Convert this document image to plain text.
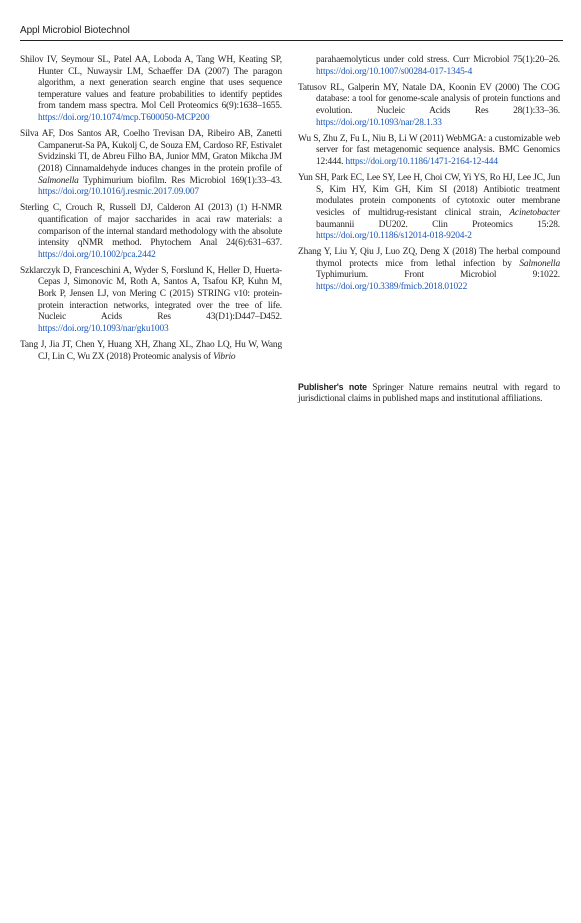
Appl Microbiol Biotechnol

Shilov IV, Seymour SL, Patel AA, Loboda A, Tang WH, Keating SP, Hunter CL, Nuwaysir LM, Schaeffer DA (2007) The paragon algorithm, a next generation search engine that uses sequence temperature values and feature probabilities to identify peptides from tandem mass spectra. Mol Cell Proteomics 6(9):1638–1655. https://doi.org/10.1074/mcp.T600050-MCP200

Silva AF, Dos Santos AR, Coelho Trevisan DA, Ribeiro AB, Zanetti Campanerut-Sa PA, Kukolj C, de Souza EM, Cardoso RF, Estivalet Svidzinski TI, de Abreu Filho BA, Junior MM, Graton Mikcha JM (2018) Cinnamaldehyde induces changes in the protein profile of Salmonella Typhimurium biofilm. Res Microbiol 169(1):33–43. https://doi.org/10.1016/j.resmic.2017.09.007

Sterling C, Crouch R, Russell DJ, Calderon AI (2013) (1) H-NMR quantification of major saccharides in acai raw materials: a comparison of the internal standard methodology with the absolute intensity qNMR method. Phytochem Anal 24(6):631–637. https://doi.org/10.1002/pca.2442

Szklarczyk D, Franceschini A, Wyder S, Forslund K, Heller D, Huerta-Cepas J, Simonovic M, Roth A, Santos A, Tsafou KP, Kuhn M, Bork P, Jensen LJ, von Mering C (2015) STRING v10: protein-protein interaction networks, integrated over the tree of life. Nucleic Acids Res 43(D1):D447–D452. https://doi.org/10.1093/nar/gku1003

Tang J, Jia JT, Chen Y, Huang XH, Zhang XL, Zhao LQ, Hu W, Wang CJ, Lin C, Wu ZX (2018) Proteomic analysis of Vibrio

parahaemolyticus under cold stress. Curr Microbiol 75(1):20–26. https://doi.org/10.1007/s00284-017-1345-4

Tatusov RL, Galperin MY, Natale DA, Koonin EV (2000) The COG database: a tool for genome-scale analysis of protein functions and evolution. Nucleic Acids Res 28(1):33–36. https://doi.org/10.1093/nar/28.1.33

Wu S, Zhu Z, Fu L, Niu B, Li W (2011) WebMGA: a customizable web server for fast metagenomic sequence analysis. BMC Genomics 12:444. https://doi.org/10.1186/1471-2164-12-444

Yun SH, Park EC, Lee SY, Lee H, Choi CW, Yi YS, Ro HJ, Lee JC, Jun S, Kim HY, Kim GH, Kim SI (2018) Antibiotic treatment modulates protein components of cytotoxic outer membrane vesicles of multidrug-resistant clinical strain, Acinetobacter baumannii DU202. Clin Proteomics 15:28. https://doi.org/10.1186/s12014-018-9204-2

Zhang Y, Liu Y, Qiu J, Luo ZQ, Deng X (2018) The herbal compound thymol protects mice from lethal infection by Salmonella Typhimurium. Front Microbiol 9:1022. https://doi.org/10.3389/fmicb.2018.01022

Publisher's note Springer Nature remains neutral with regard to jurisdictional claims in published maps and institutional affiliations.
